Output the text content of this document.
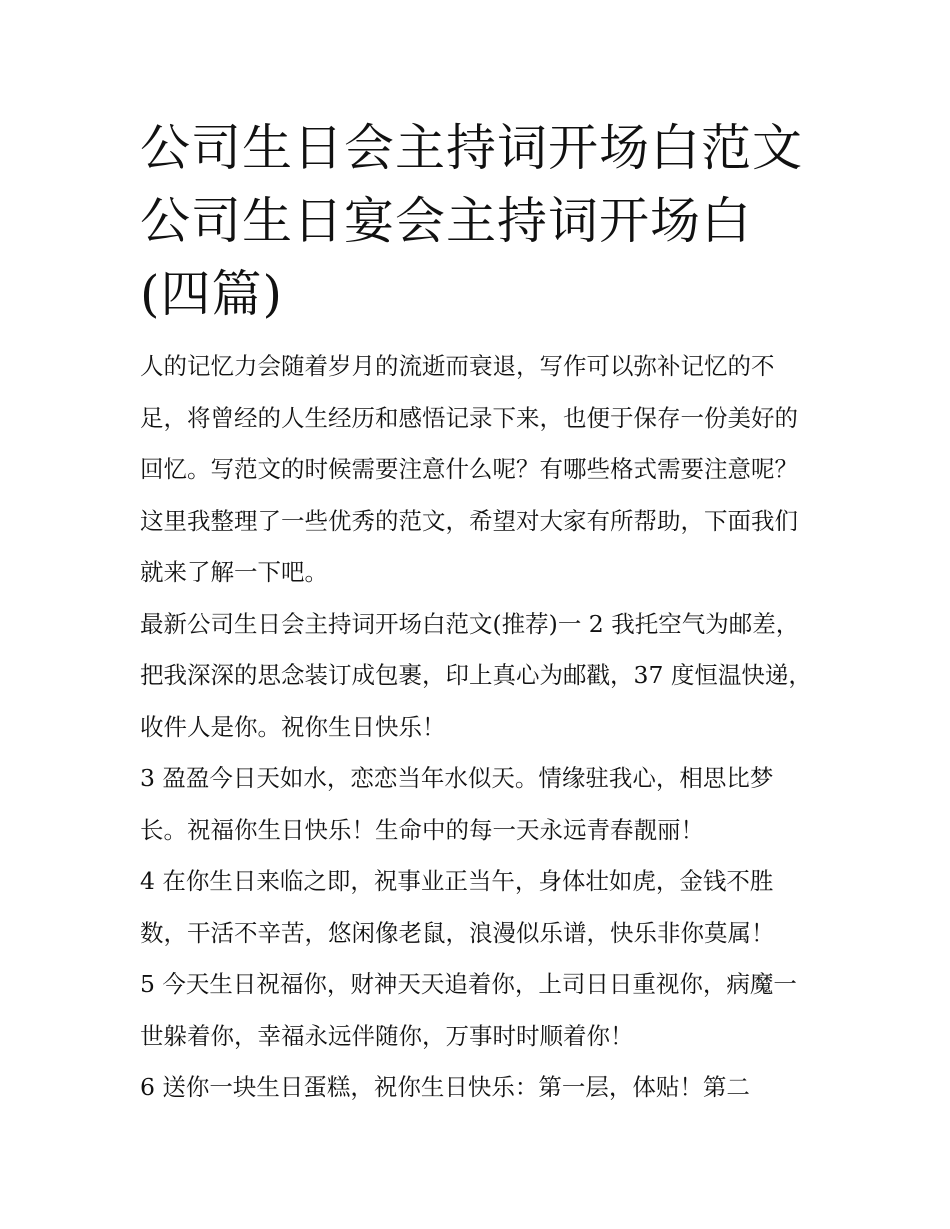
公司生日会主持词开场白范文公司生日宴会主持词开场白(四篇)

人的记忆力会随着岁月的流逝而衰退，写作可以弥补记忆的不足，将曾经的人生经历和感悟记录下来，也便于保存一份美好的回忆。写范文的时候需要注意什么呢？有哪些格式需要注意呢？这里我整理了一些优秀的范文，希望对大家有所帮助，下面我们就来了解一下吧。

最新公司生日会主持词开场白范文(推荐)一 2 我托空气为邮差，把我深深的思念装订成包裹，印上真心为邮戳，37 度恒温快递，收件人是你。祝你生日快乐！

3 盈盈今日天如水，恋恋当年水似天。情缘驻我心，相思比梦长。祝福你生日快乐！生命中的每一天永远青春靓丽！

4 在你生日来临之即，祝事业正当午，身体壮如虎，金钱不胜数，干活不辛苦，悠闲像老鼠，浪漫似乐谱，快乐非你莫属！

5 今天生日祝福你，财神天天追着你，上司日日重视你，病魔一世躲着你，幸福永远伴随你，万事时时顺着你！

6 送你一块生日蛋糕，祝你生日快乐：第一层，体贴！第二
